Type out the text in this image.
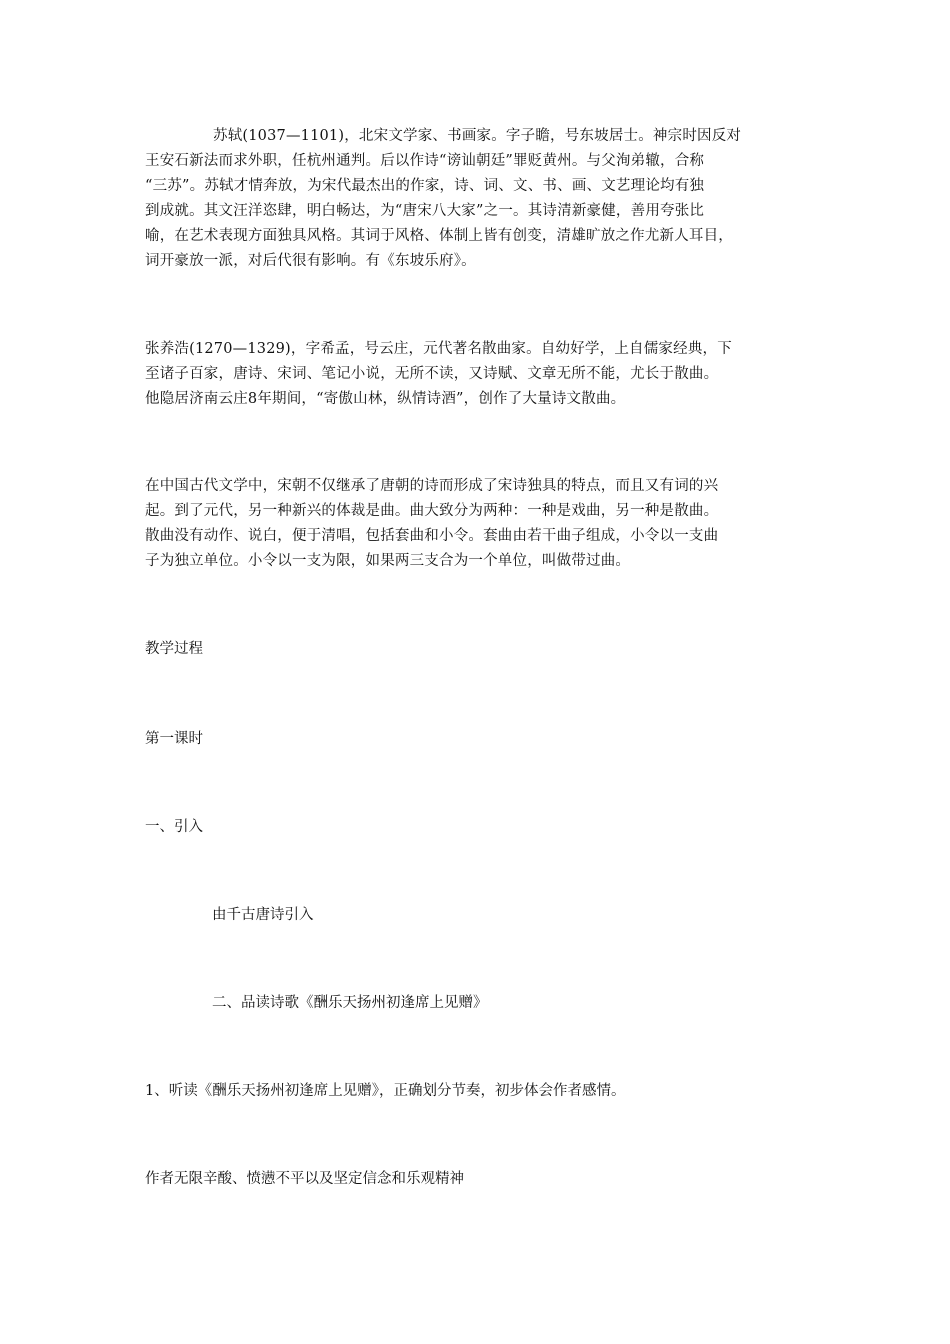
苏轼(1037—1101)，北宋文学家、书画家。字子瞻，号东坡居士。神宗时因反对
王安石新法而求外职，任杭州通判。后以作诗“谤讪朝廷”罪贬黄州。与父洵弟辙，合称
“三苏”。苏轼才情奔放，为宋代最杰出的作家，诗、词、文、书、画、文艺理论均有独
到成就。其文汪洋恣肆，明白畅达，为“唐宋八大家”之一。其诗清新豪健，善用夸张比
喻，在艺术表现方面独具风格。其词于风格、体制上皆有创变，清雄旷放之作尤新人耳目，
词开豪放一派，对后代很有影响。有《东坡乐府》。
张养浩(1270—1329)，字希孟，号云庄，元代著名散曲家。自幼好学，上自儒家经典，下
至诸子百家，唐诗、宋词、笔记小说，无所不读，又诗赋、文章无所不能，尤长于散曲。
他隐居济南云庄8年期间，“寄傲山林，纵情诗酒”，创作了大量诗文散曲。
在中国古代文学中，宋朝不仅继承了唐朝的诗而形成了宋诗独具的特点，而且又有词的兴
起。到了元代，另一种新兴的体裁是曲。曲大致分为两种：一种是戏曲，另一种是散曲。
散曲没有动作、说白，便于清唱，包括套曲和小令。套曲由若干曲子组成，小令以一支曲
子为独立单位。小令以一支为限，如果两三支合为一个单位，叫做带过曲。

教学过程

第一课时

一、引入

由千古唐诗引入

二、品读诗歌《酬乐天扬州初逢席上见赠》

1、听读《酬乐天扬州初逢席上见赠》，正确划分节奏，初步体会作者感情。

作者无限辛酸、愤懑不平以及坚定信念和乐观精神
